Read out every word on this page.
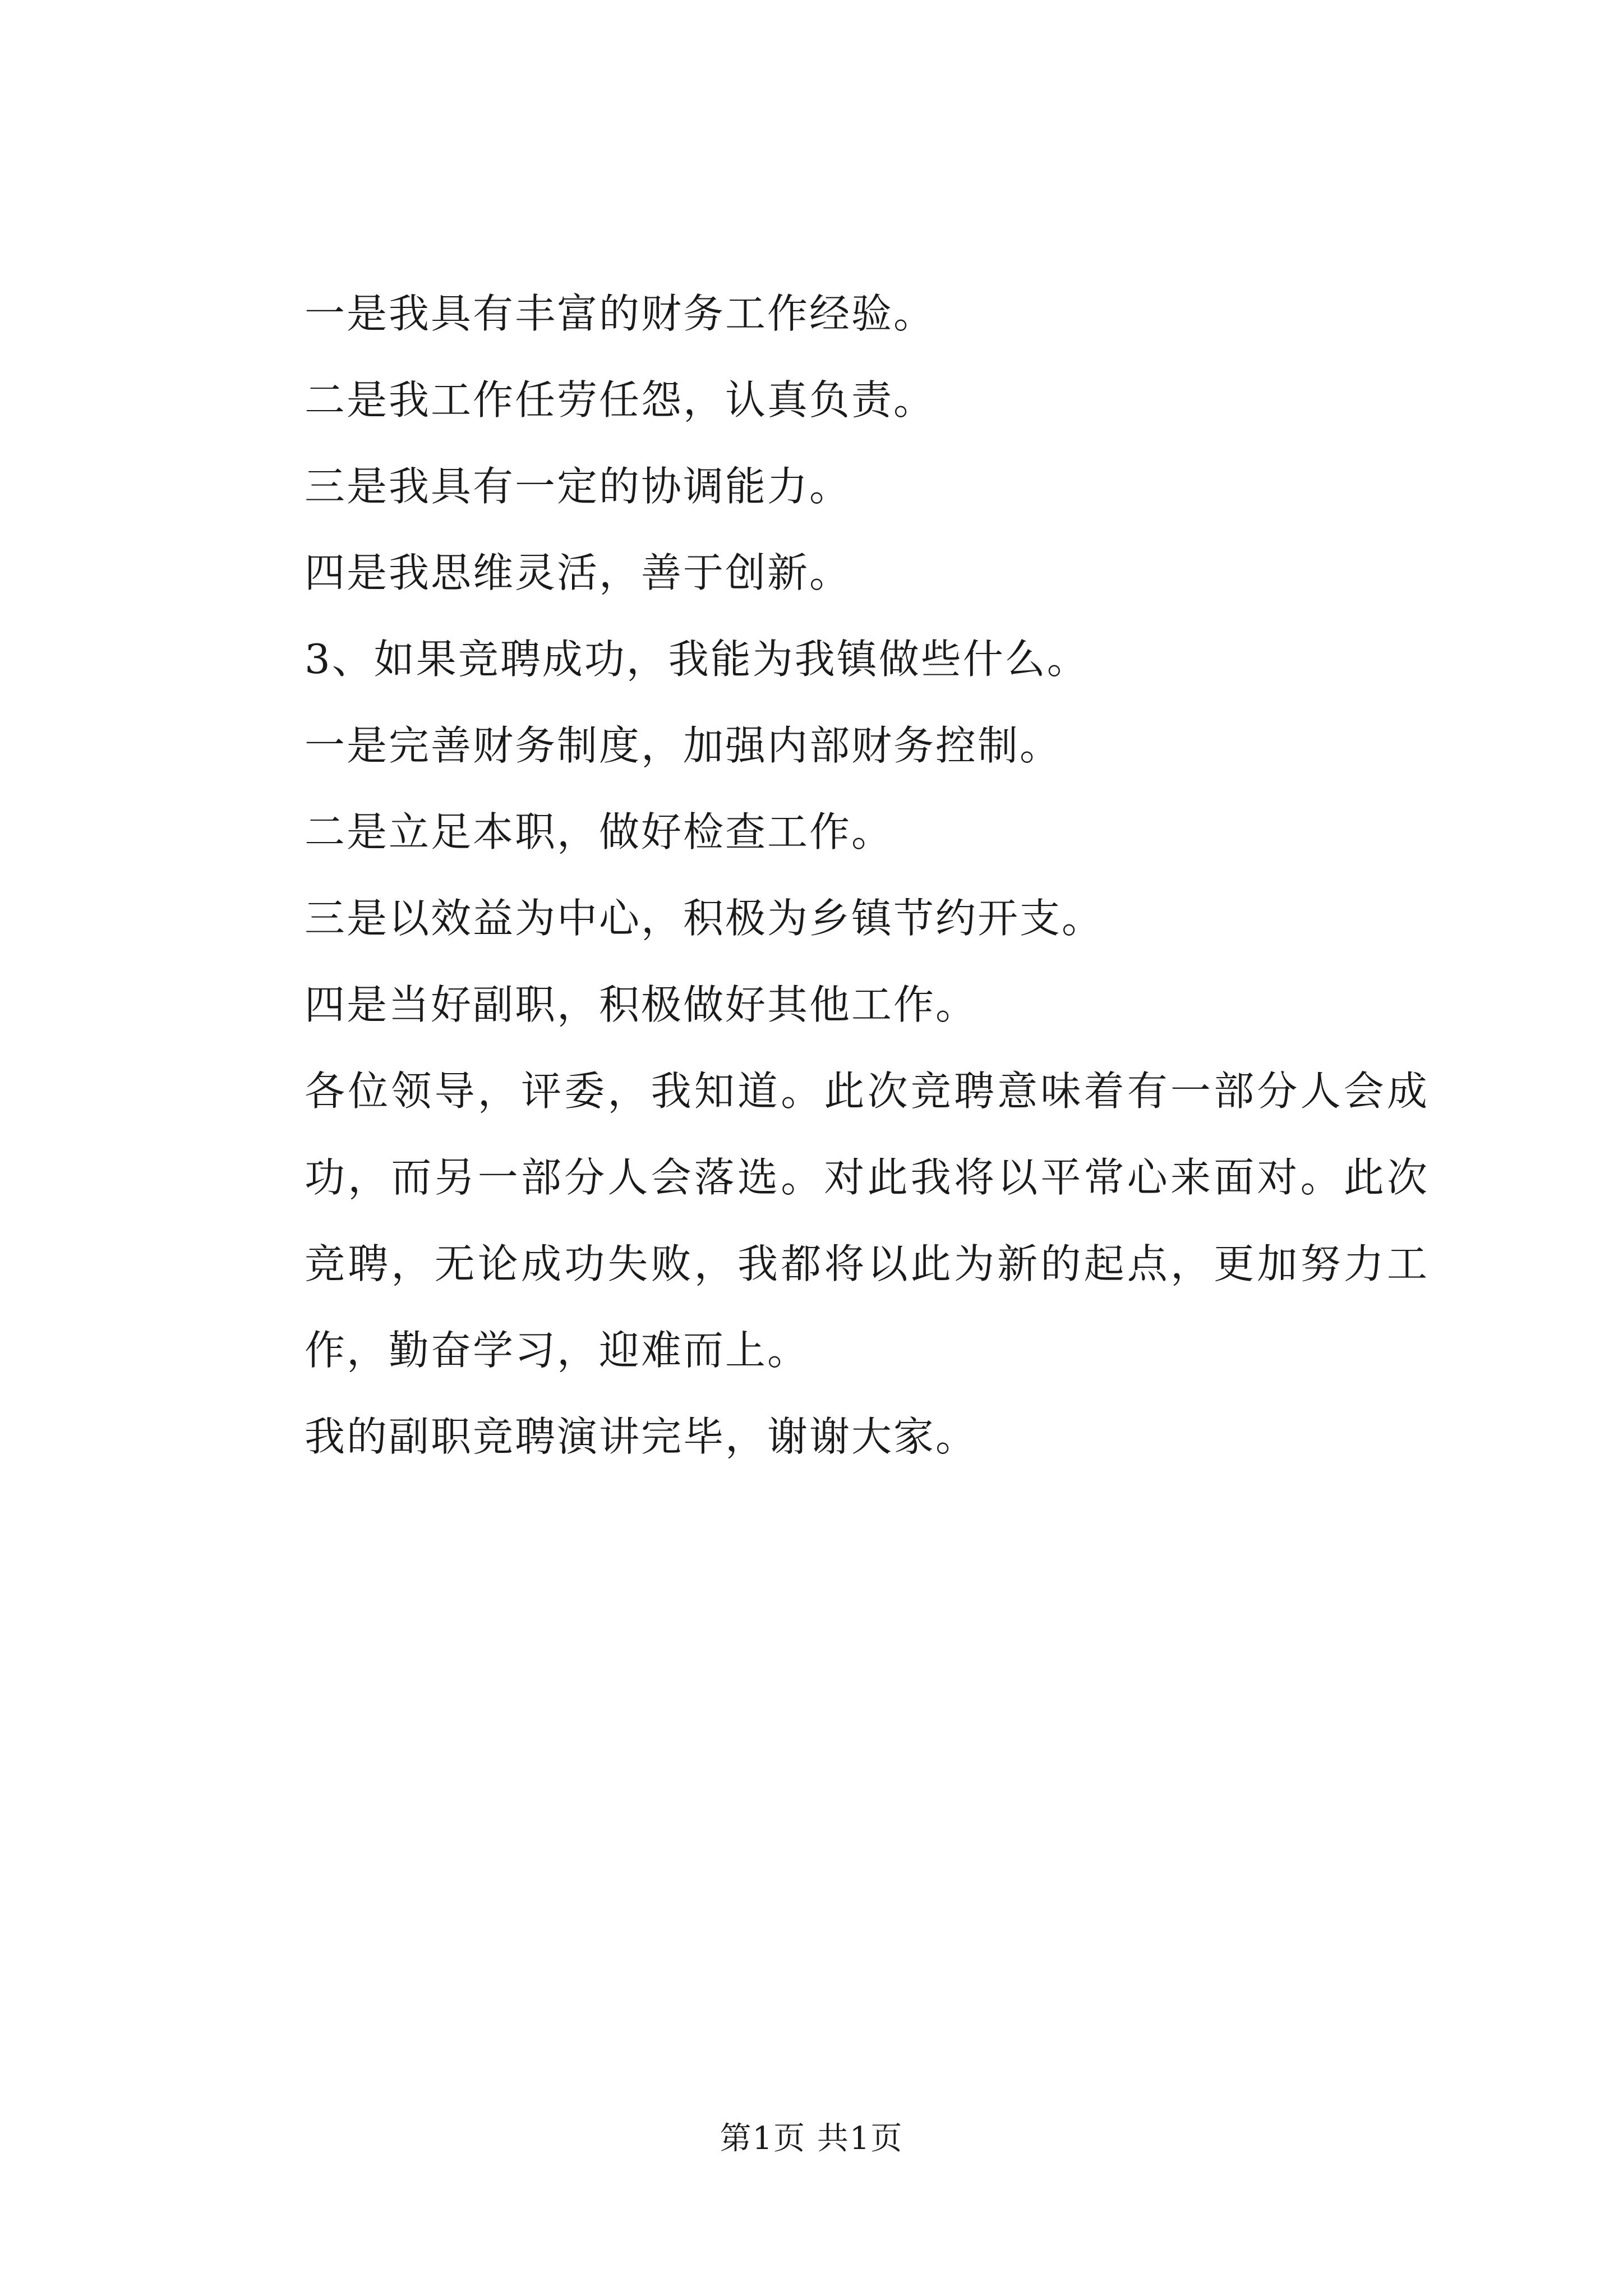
一是我具有丰富的财务工作经验。

二是我工作任劳任怨，认真负责。

三是我具有一定的协调能力。

四是我思维灵活，善于创新。

3、如果竞聘成功，我能为我镇做些什么。

一是完善财务制度，加强内部财务控制。

二是立足本职，做好检查工作。

三是以效益为中心，积极为乡镇节约开支。

四是当好副职，积极做好其他工作。

各位领导，评委，我知道。此次竞聘意味着有一部分人会成功，而另一部分人会落选。对此我将以平常心来面对。此次竞聘，无论成功失败，我都将以此为新的起点，更加努力工作，勤奋学习，迎难而上。

我的副职竞聘演讲完毕，谢谢大家。

第1页 共1页
